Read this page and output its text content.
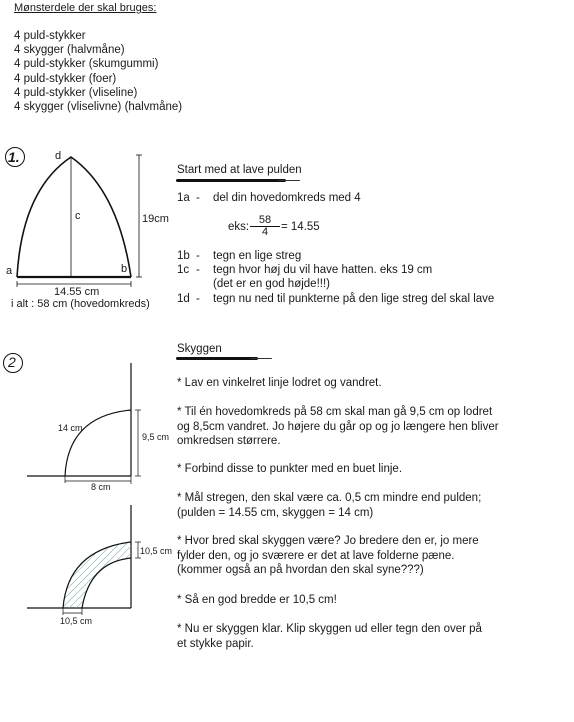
Mønsterdele der skal bruges:
4 puld-stykker
4 skygger (halvmåne)
4 puld-stykker (skumgummi)
4 puld-stykker (foer)
4 puld-stykker (vliseline)
4 skygger (vliselivne) (halvmåne)
1.	d
c
a	b
19cm
14.55 cm
i alt : 58 cm (hovedomkreds)
Start med at lave pulden
1a - del din hovedomkreds med 4
eks: $\frac{58}{4} = 14.55$
1b - tegn en lige streg
1c - tegn hvor høj du vil have hatten. eks 19 cm
(det er en god højde!!!)
1d - tegn nu ned til punkterne på den lige streg del skal lave
2
14 cm
9,5 cm
8 cm
10,5 cm
10,5 cm
Skyggen
* Lav en vinkelret linje lodret og vandret.
* Til én hovedomkreds på 58 cm skal man gå 9,5 cm op lodret
og 8,5cm vandret. Jo højere du går op og jo længere hen bliver
omkredsen størrere.
* Forbind disse to punkter med en buet linje.
* Mål stregen, den skal være ca. 0,5 cm mindre end pulden;
(pulden = 14.55 cm, skyggen = 14 cm)
* Hvor bred skal skyggen være? Jo bredere den er, jo mere
fylder den, og jo sværere er det at lave folderne pæne.
(kommer også an på hvordan den skal syne???)
* Så en god bredde er 10,5 cm!
* Nu er skyggen klar. Klip skyggen ud eller tegn den over på
et stykke papir.
